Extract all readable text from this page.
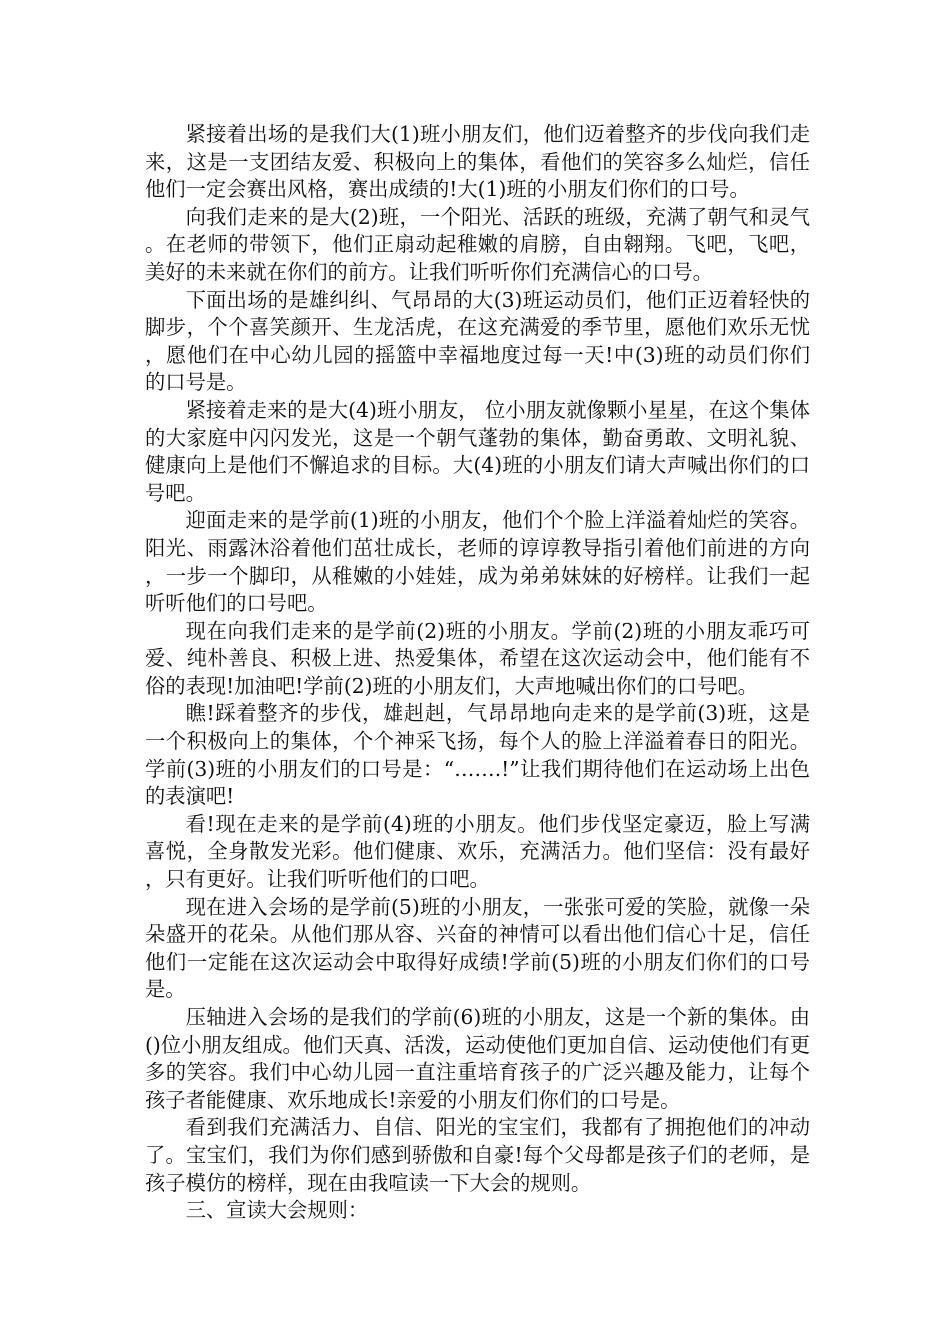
紧接着出场的是我们大(1)班小朋友们，他们迈着整齐的步伐向我们走来，这是一支团结友爱、积极向上的集体，看他们的笑容多么灿烂，信任他们一定会赛出风格，赛出成绩的!大(1)班的小朋友们你们的口号。

向我们走来的是大(2)班，一个阳光、活跃的班级，充满了朝气和灵气。在老师的带领下，他们正扇动起稚嫩的肩膀，自由翱翔。飞吧，飞吧，美好的未来就在你们的前方。让我们听听你们充满信心的口号。

下面出场的是雄纠纠、气昂昂的大(3)班运动员们，他们正迈着轻快的脚步，个个喜笑颜开、生龙活虎，在这充满爱的季节里，愿他们欢乐无忧，愿他们在中心幼儿园的摇篮中幸福地度过每一天!中(3)班的动员们你们的口号是。

紧接着走来的是大(4)班小朋友， 位小朋友就像颗小星星，在这个集体的大家庭中闪闪发光，这是一个朝气蓬勃的集体，勤奋勇敢、文明礼貌、健康向上是他们不懈追求的目标。大(4)班的小朋友们请大声喊出你们的口号吧。

迎面走来的是学前(1)班的小朋友，他们个个脸上洋溢着灿烂的笑容。阳光、雨露沐浴着他们茁壮成长，老师的谆谆教导指引着他们前进的方向，一步一个脚印，从稚嫩的小娃娃，成为弟弟妹妹的好榜样。让我们一起听听他们的口号吧。

现在向我们走来的是学前(2)班的小朋友。学前(2)班的小朋友乖巧可爱、纯朴善良、积极上进、热爱集体，希望在这次运动会中，他们能有不俗的表现!加油吧!学前(2)班的小朋友们，大声地喊出你们的口号吧。

瞧!踩着整齐的步伐，雄赳赳，气昂昂地向走来的是学前(3)班，这是一个积极向上的集体，个个神采飞扬，每个人的脸上洋溢着春日的阳光。学前(3)班的小朋友们的口号是：“…….!”让我们期待他们在运动场上出色的表演吧!

看!现在走来的是学前(4)班的小朋友。他们步伐坚定豪迈，脸上写满喜悦，全身散发光彩。他们健康、欢乐，充满活力。他们坚信：没有最好，只有更好。让我们听听他们的口吧。

现在进入会场的是学前(5)班的小朋友，一张张可爱的笑脸，就像一朵朵盛开的花朵。从他们那从容、兴奋的神情可以看出他们信心十足，信任他们一定能在这次运动会中取得好成绩!学前(5)班的小朋友们你们的口号是。

压轴进入会场的是我们的学前(6)班的小朋友，这是一个新的集体。由()位小朋友组成。他们天真、活泼，运动使他们更加自信、运动使他们有更多的笑容。我们中心幼儿园一直注重培育孩子的广泛兴趣及能力，让每个孩子者能健康、欢乐地成长!亲爱的小朋友们你们的口号是。

看到我们充满活力、自信、阳光的宝宝们，我都有了拥抱他们的冲动了。宝宝们，我们为你们感到骄傲和自豪!每个父母都是孩子们的老师，是孩子模仿的榜样，现在由我喧读一下大会的规则。

三、宣读大会规则：
